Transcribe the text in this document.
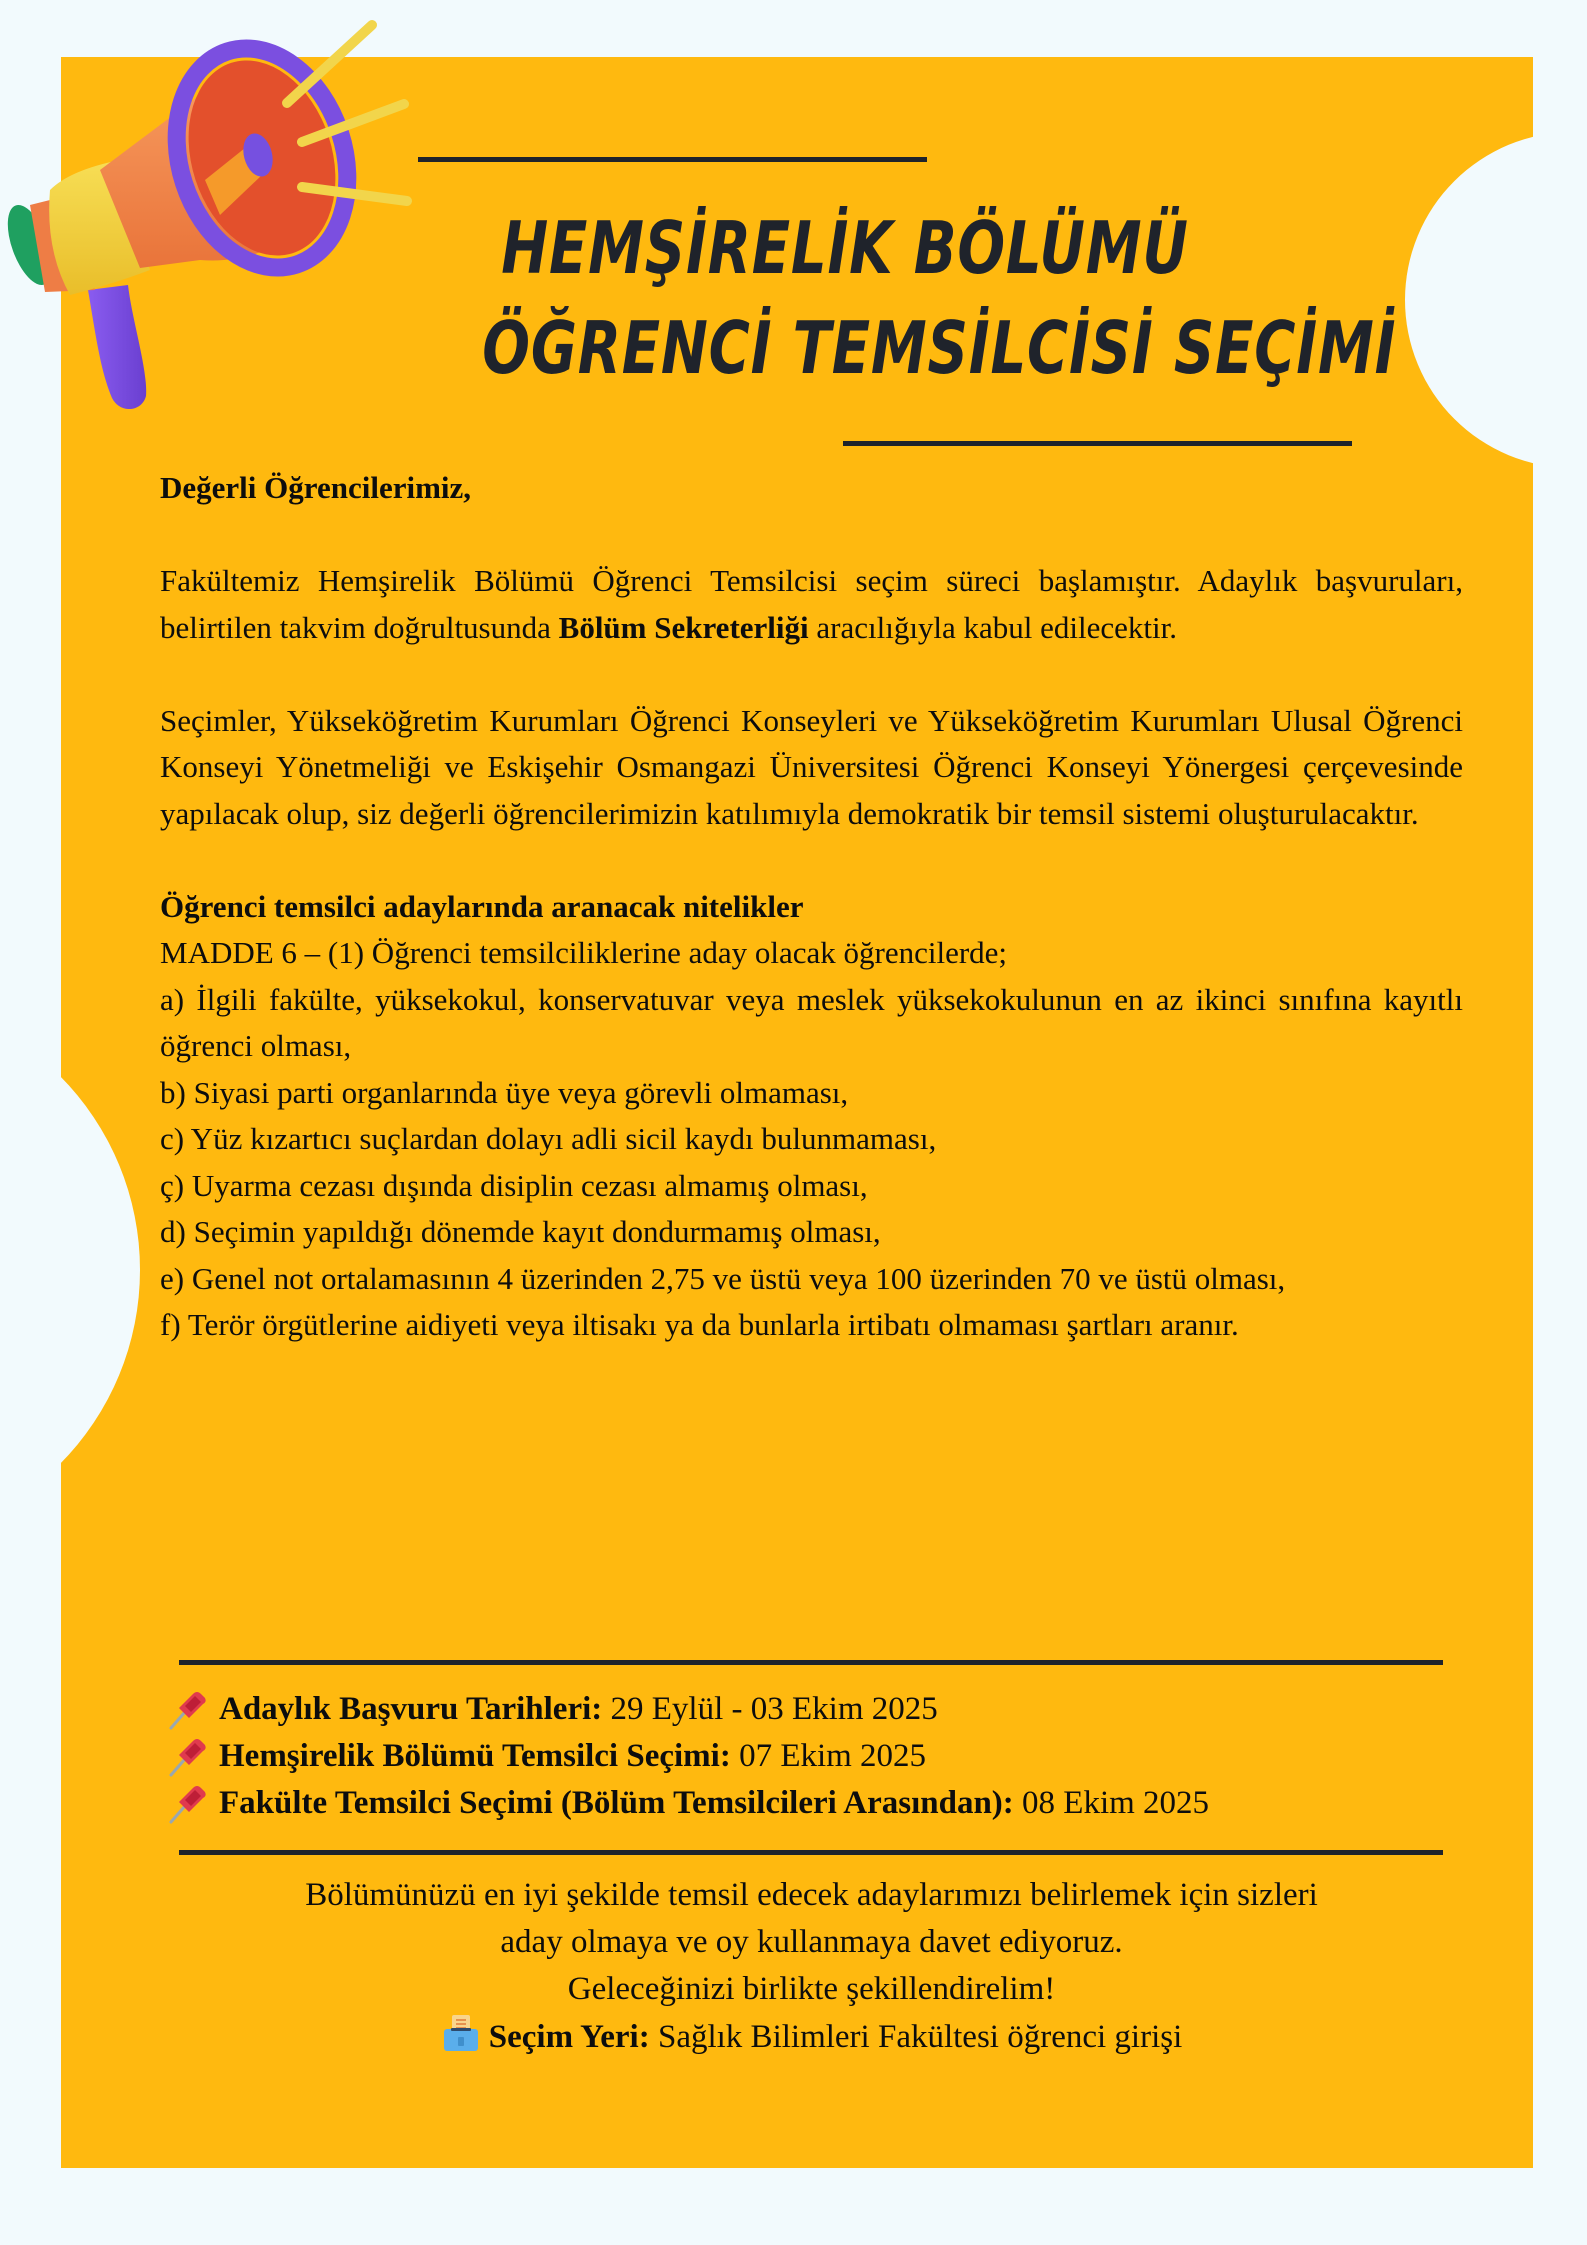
HEMŞİRELİK BÖLÜMÜ
ÖĞRENCİ TEMSİLCİSİ SEÇİMİ

Değerli Öğrencilerimiz,

Fakültemiz Hemşirelik Bölümü Öğrenci Temsilcisi seçim süreci başlamıştır. Adaylık başvuruları, belirtilen takvim doğrultusunda Bölüm Sekreterliği aracılığıyla kabul edilecektir.

Seçimler, Yükseköğretim Kurumları Öğrenci Konseyleri ve Yükseköğretim Kurumları Ulusal Öğrenci Konseyi Yönetmeliği ve Eskişehir Osmangazi Üniversitesi Öğrenci Konseyi Yönergesi çerçevesinde yapılacak olup, siz değerli öğrencilerimizin katılımıyla demokratik bir temsil sistemi oluşturulacaktır.

Öğrenci temsilci adaylarında aranacak nitelikler

MADDE 6 – (1) Öğrenci temsilciliklerine aday olacak öğrencilerde;

a) İlgili fakülte, yüksekokul, konservatuvar veya meslek yüksekokulunun en az ikinci sınıfına kayıtlı öğrenci olması,

b) Siyasi parti organlarında üye veya görevli olmaması,

c) Yüz kızartıcı suçlardan dolayı adli sicil kaydı bulunmaması,

ç) Uyarma cezası dışında disiplin cezası almamış olması,

d) Seçimin yapıldığı dönemde kayıt dondurmamış olması,

e) Genel not ortalamasının 4 üzerinden 2,75 ve üstü veya 100 üzerinden 70 ve üstü olması,

f) Terör örgütlerine aidiyeti veya iltisakı ya da bunlarla irtibatı olmaması şartları aranır.

Adaylık Başvuru Tarihleri: 29 Eylül - 03 Ekim 2025
Hemşirelik Bölümü Temsilci Seçimi: 07 Ekim 2025
Fakülte Temsilci Seçimi (Bölüm Temsilcileri Arasından): 08 Ekim 2025
Bölümünüzü en iyi şekilde temsil edecek adaylarımızı belirlemek için sizleri
aday olmaya ve oy kullanmaya davet ediyoruz.
Geleceğinizi birlikte şekillendirelim!
Seçim Yeri: Sağlık Bilimleri Fakültesi öğrenci girişi
